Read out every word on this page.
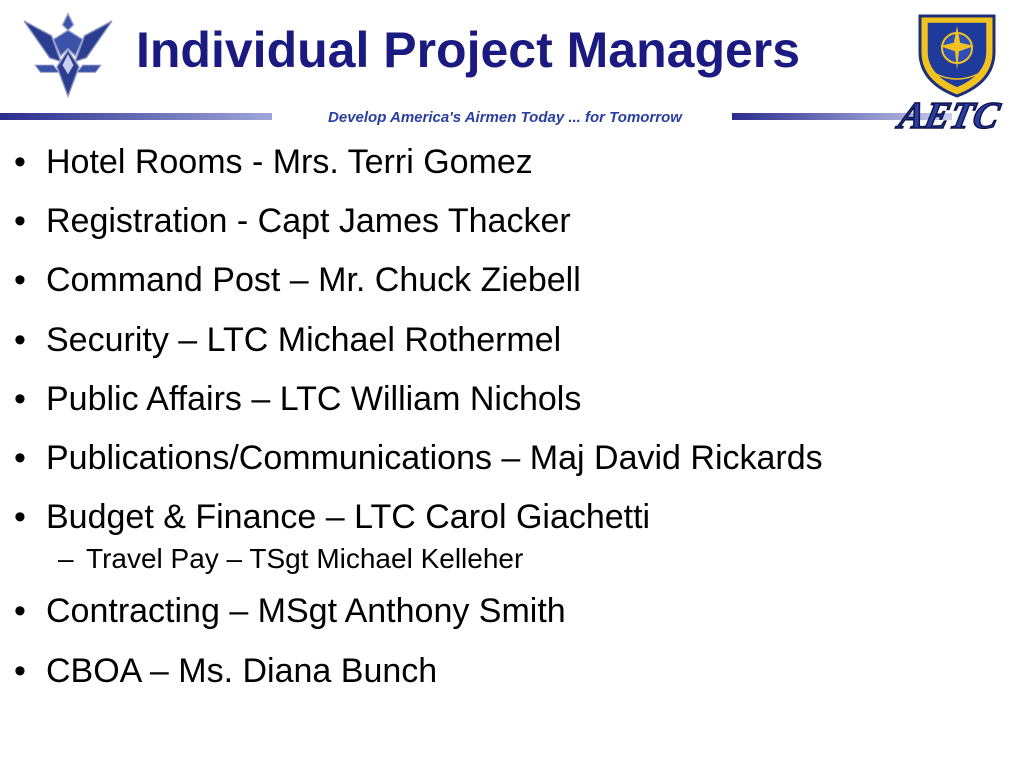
Individual Project Managers
Develop America's Airmen Today ... for Tomorrow	AETC
• Hotel Rooms - Mrs. Terri Gomez
• Registration - Capt James Thacker
• Command Post – Mr. Chuck Ziebell
• Security – LTC Michael Rothermel
• Public Affairs – LTC William Nichols
• Publications/Communications – Maj David Rickards
• Budget & Finance – LTC Carol Giachetti
– Travel Pay – TSgt Michael Kelleher
• Contracting – MSgt Anthony Smith
• CBOA – Ms. Diana Bunch
